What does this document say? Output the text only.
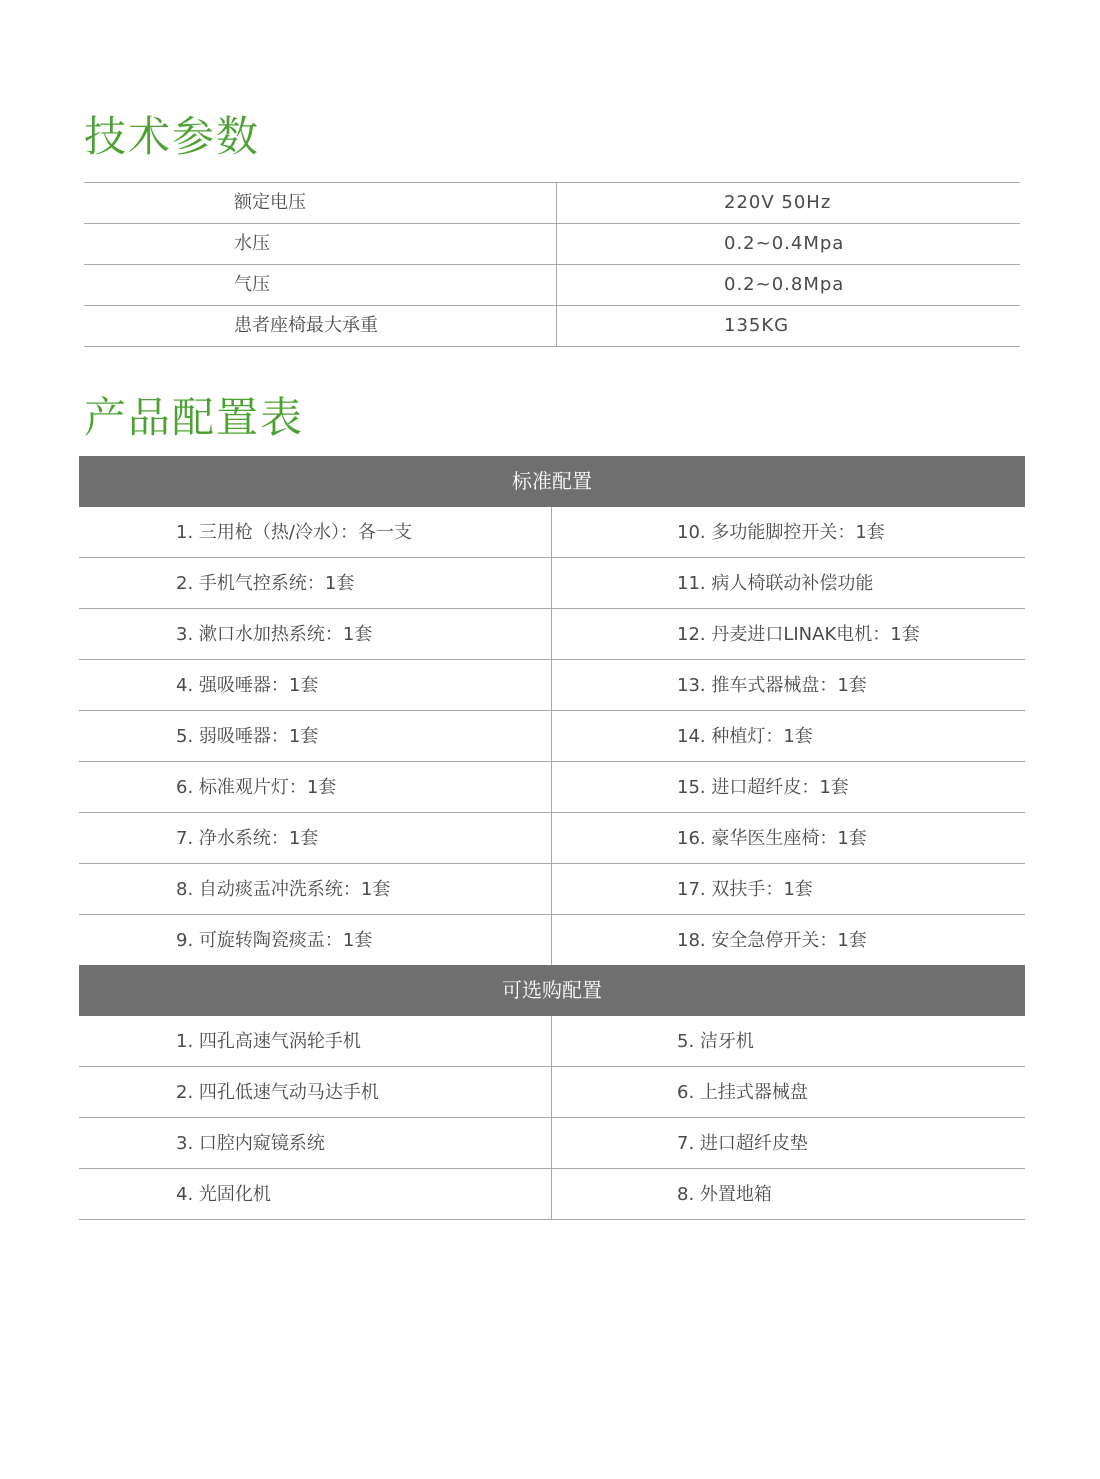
技术参数
额定电压	220V 50Hz
水压	0.2~0.4Mpa
气压	0.2~0.8Mpa
患者座椅最大承重	135KG
产品配置表
标准配置
1. 三用枪（热/冷水）：各一支	10. 多功能脚控开关：1套
2. 手机气控系统：1套	11. 病人椅联动补偿功能
3. 漱口水加热系统：1套	12. 丹麦进口LINAK电机：1套
4. 强吸唾器：1套	13. 推车式器械盘：1套
5. 弱吸唾器：1套	14. 种植灯：1套
6. 标准观片灯：1套	15. 进口超纤皮：1套
7. 净水系统：1套	16. 豪华医生座椅：1套
8. 自动痰盂冲洗系统：1套	17. 双扶手：1套
9. 可旋转陶瓷痰盂：1套	18. 安全急停开关：1套
可选购配置
1. 四孔高速气涡轮手机	5. 洁牙机
2. 四孔低速气动马达手机	6. 上挂式器械盘
3. 口腔内窥镜系统	7. 进口超纤皮垫
4. 光固化机	8. 外置地箱
